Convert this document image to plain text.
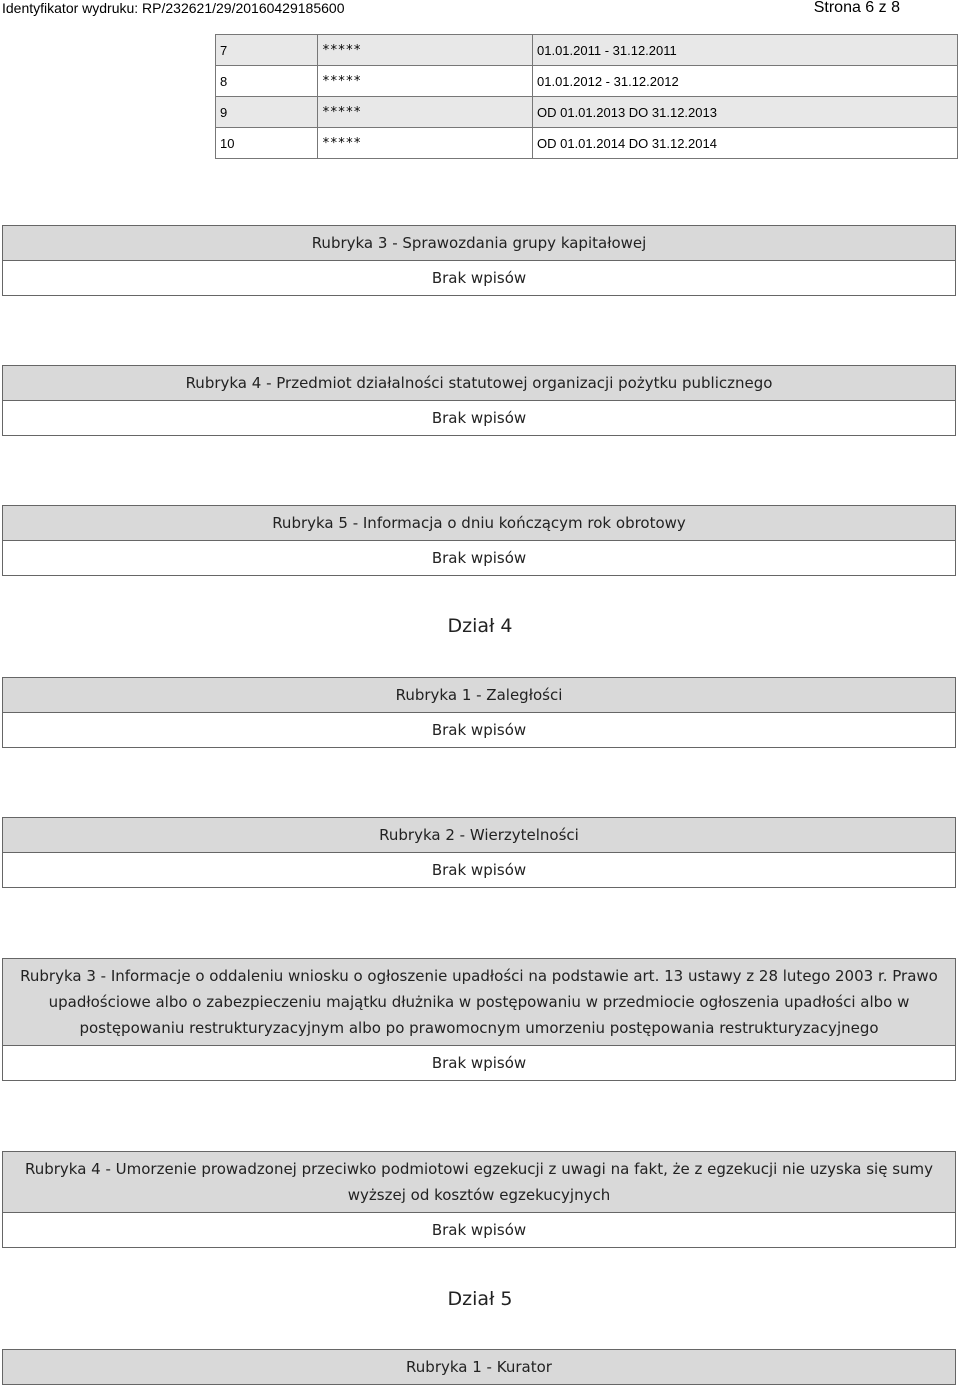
Identyfikator wydruku: RP/232621/29/20160429185600	Strona 6 z 8
7	*****	01.01.2011 - 31.12.2011
8	*****	01.01.2012 - 31.12.2012
9	*****	OD 01.01.2013 DO 31.12.2013
10	*****	OD 01.01.2014 DO 31.12.2014
Rubryka 3 - Sprawozdania grupy kapitałowej
Brak wpisów
Rubryka 4 - Przedmiot działalności statutowej organizacji pożytku publicznego
Brak wpisów
Rubryka 5 - Informacja o dniu kończącym rok obrotowy
Brak wpisów
Dział 4
Rubryka 1 - Zaległości
Brak wpisów
Rubryka 2 - Wierzytelności
Brak wpisów
Rubryka 3 - Informacje o oddaleniu wniosku o ogłoszenie upadłości na podstawie art. 13 ustawy z 28 lutego 2003 r. Prawo upadłościowe albo o zabezpieczeniu majątku dłużnika w postępowaniu w przedmiocie ogłoszenia upadłości albo w postępowaniu restrukturyzacyjnym albo po prawomocnym umorzeniu postępowania restrukturyzacyjnego
Brak wpisów
Rubryka 4 - Umorzenie prowadzonej przeciwko podmiotowi egzekucji z uwagi na fakt, że z egzekucji nie uzyska się sumy wyższej od kosztów egzekucyjnych
Brak wpisów
Dział 5
Rubryka 1 - Kurator
